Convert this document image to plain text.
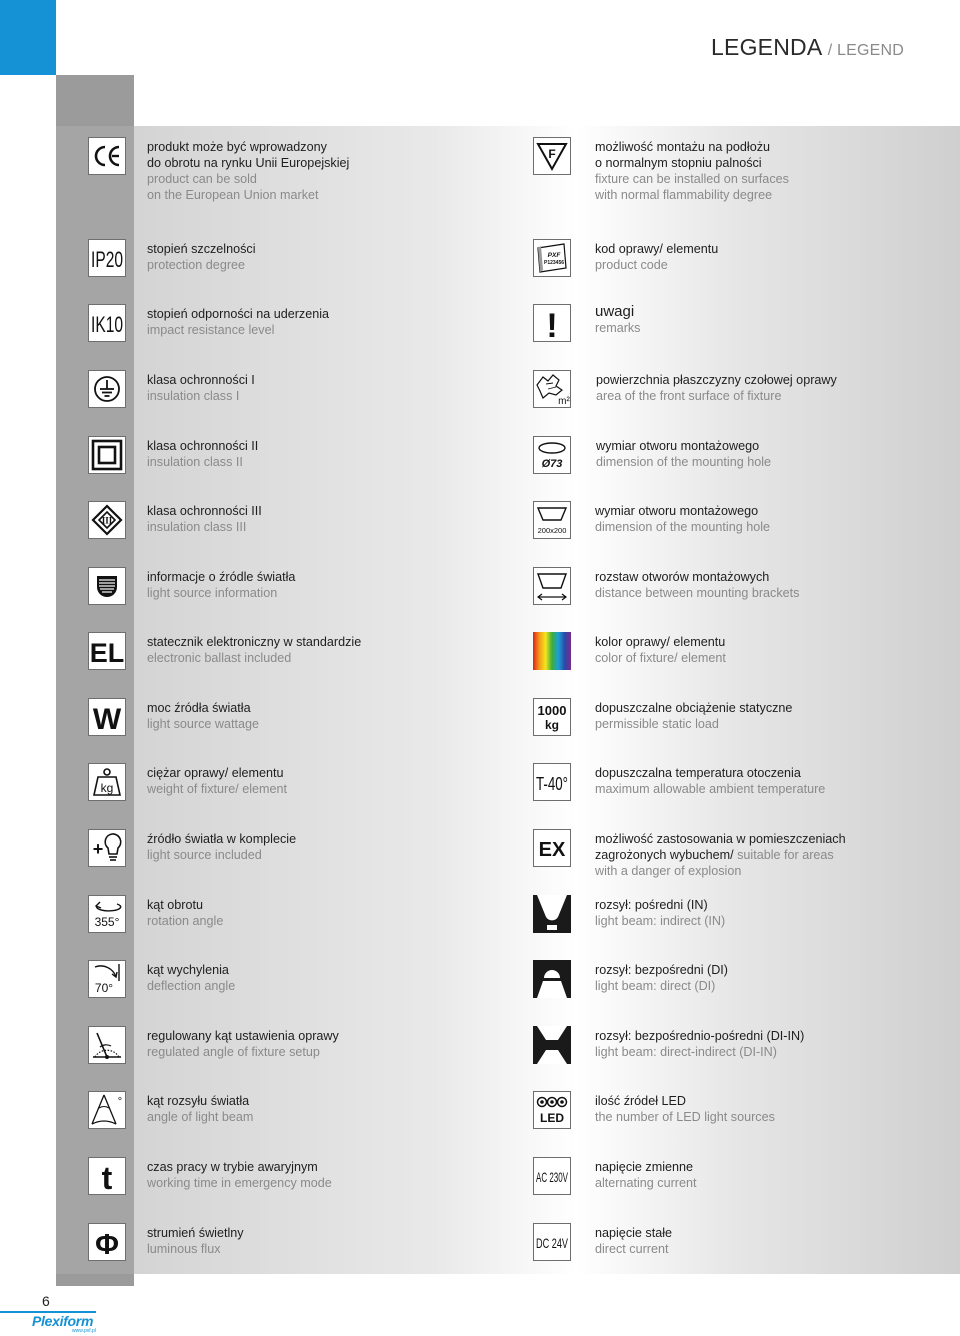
LEGENDA / LEGEND
produkt może być wprowadzony
do obrotu na rynku Unii Europejskiej
product can be sold
on the European Union market
IP20 stopień szczelności
protection degree
IK10 stopień odporności na uderzenia
impact resistance level
klasa ochronności I
insulation class I
klasa ochronności II
insulation class II
III
klasa ochronności III
insulation class III
informacje o źródle światła
light source information
EL statecznik elektroniczny w standardzie
electronic ballast included
W moc źródła światła
light source wattage
kg
ciężar oprawy/ elementu
weight of fixture/ element
+	źródło światła w komplecie
light source included
355°
kąt obrotu
rotation angle
70°
kąt wychylenia
deflection angle
regulowany kąt ustawienia oprawy
regulated angle of fixture setup
° kąt rozsyłu światła
angle of light beam
t	czas pracy w trybie awaryjnym
working time in emergency mode
Φ strumień świetlny
luminous flux
F	możliwość montażu na podłożu
o normalnym stopniu palności
fixture can be installed on surfaces
with normal flammability degree
PXF
P123456
kod oprawy/ elementu
product code
! uwagi
remarks
m²
powierzchnia płaszczyzny czołowej oprawy
area of the front surface of fixture
Ø73
wymiar otworu montażowego
dimension of the mounting hole
200x200
wymiar otworu montażowego
dimension of the mounting hole
rozstaw otworów montażowych
distance between mounting brackets
kolor oprawy/ elementu
color of fixture/ element
1000
kg
dopuszczalne obciążenie statyczne
permissible static load
T-40°
dopuszczalna temperatura otoczenia
maximum allowable ambient temperature
EX możliwość zastosowania w pomieszczeniach
zagrożonych wybuchem/ suitable for areas
with a danger of explosion
rozsył: pośredni (IN)
light beam: indirect (IN)
rozsył: bezpośredni (DI)
light beam: direct (DI)
rozsył: bezpośrednio-pośredni (DI-IN)
light beam: direct-indirect (DI-IN)
LED
ilość źródeł LED
the number of LED light sources
AC 230V
napięcie zmienne
alternating current
DC 24V
napięcie stałe
direct current
6
Plexiform
www.pxf.pl
